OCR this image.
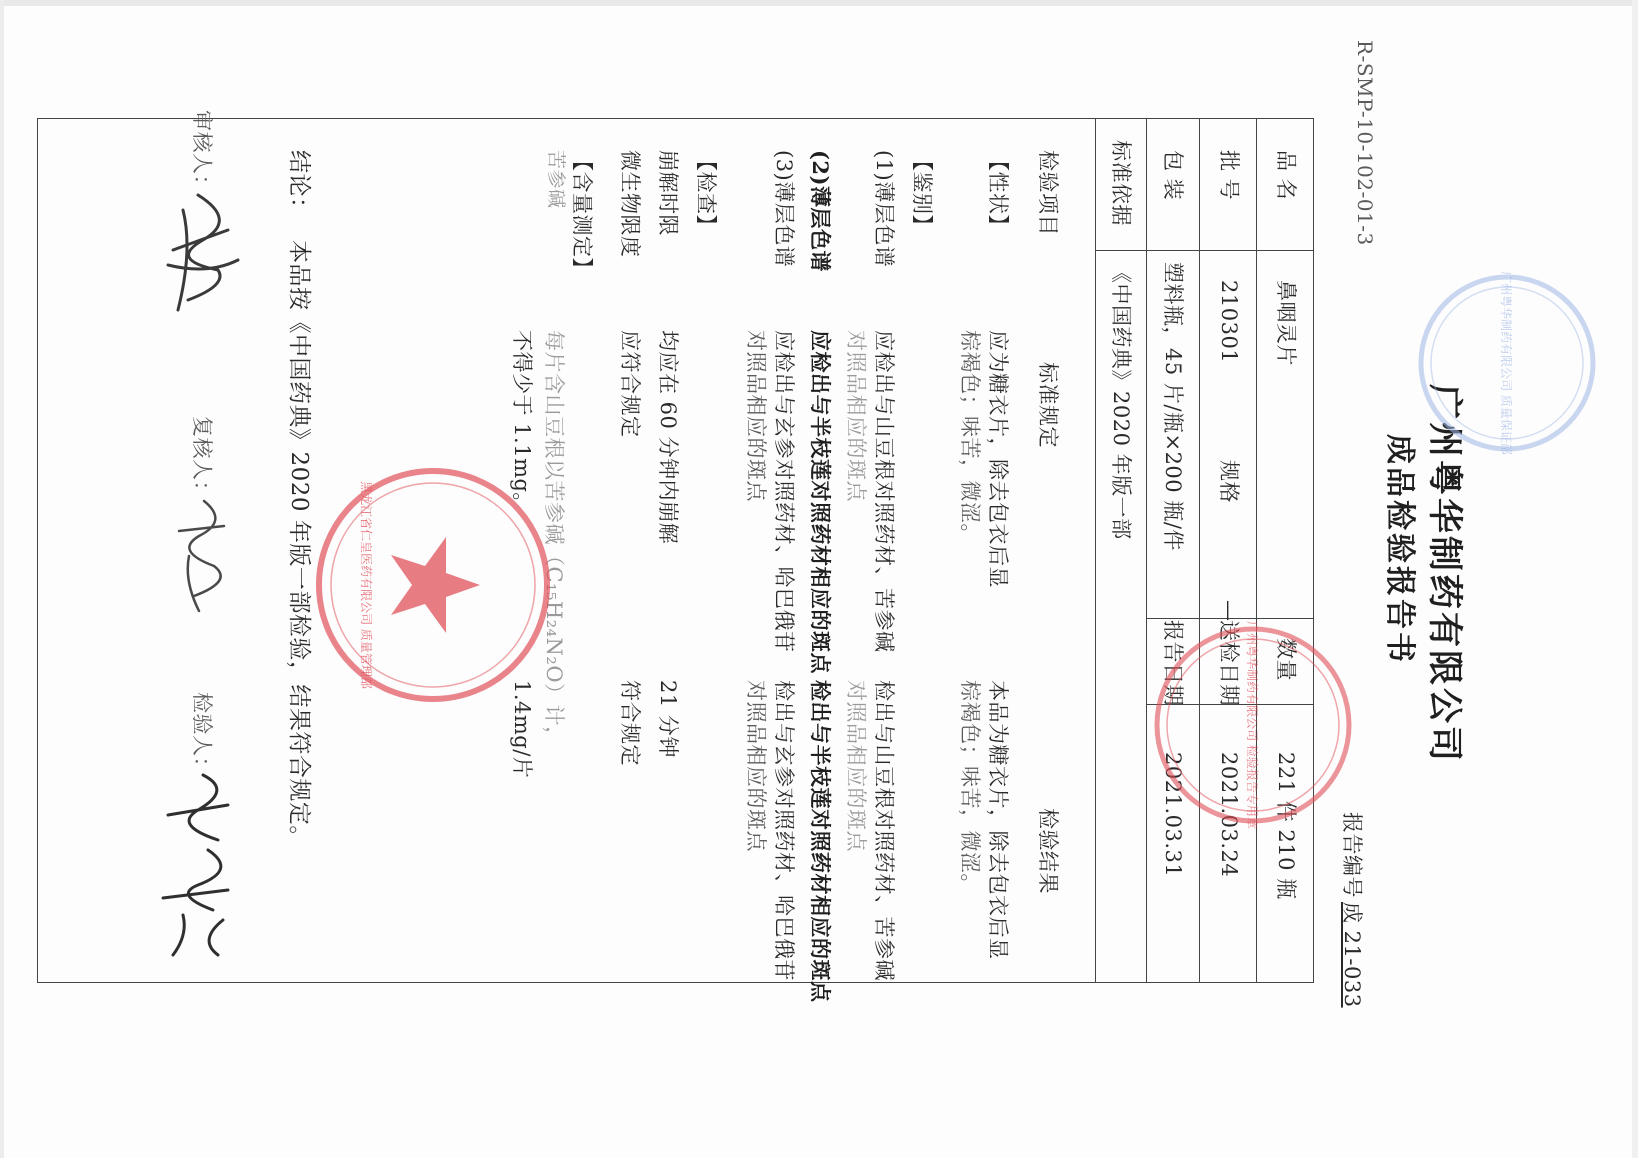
R-SMP-10-102-01-3
广州粤华制药有限公司
成品检验报告书
报告编号
成 21-033
品 名
鼻咽灵片
数量
221 件 210 瓶
批 号
210301
规格
—
送检日期
2021.03.24
包 装
塑料瓶，45 片/瓶×200 瓶/件
报告日期
2021.03.31
标准依据
《中国药典》2020 年版一部
检验项目
标准规定
检验结果
【性状】
应为糖衣片，除去包衣后显
棕褐色；味苦，微涩。
本品为糖衣片，除去包衣后显
棕褐色；味苦，微涩。
【鉴别】
(1)薄层色谱
应检出与山豆根对照药材、苦参碱
对照品相应的斑点
检出与山豆根对照药材、苦参碱
对照品相应的斑点
(2)薄层色谱
应检出与半枝莲对照药材相应的斑点
检出与半枝莲对照药材相应的斑点
(3)薄层色谱
应检出与玄参对照药材、哈巴俄苷
对照品相应的斑点
检出与玄参对照药材、哈巴俄苷
对照品相应的斑点
【检查】
崩解时限
均应在 60 分钟内崩解
21 分钟
微生物限度
应符合规定
符合规定
【含量测定】
苦参碱
每片含山豆根以苦参碱（C₁₅H₂₄N₂O）计，
不得少于 1.1mg。
1.4mg/片
结论：
本品按《中国药典》2020 年版一部检验，结果符合规定。
审核人：
复核人：
检验人：
广州粤华制药有限公司 质量保证部
广州粤华制药有限公司 检验报告专用章
黑龙江省仁皇医药有限公司 质量管理部
